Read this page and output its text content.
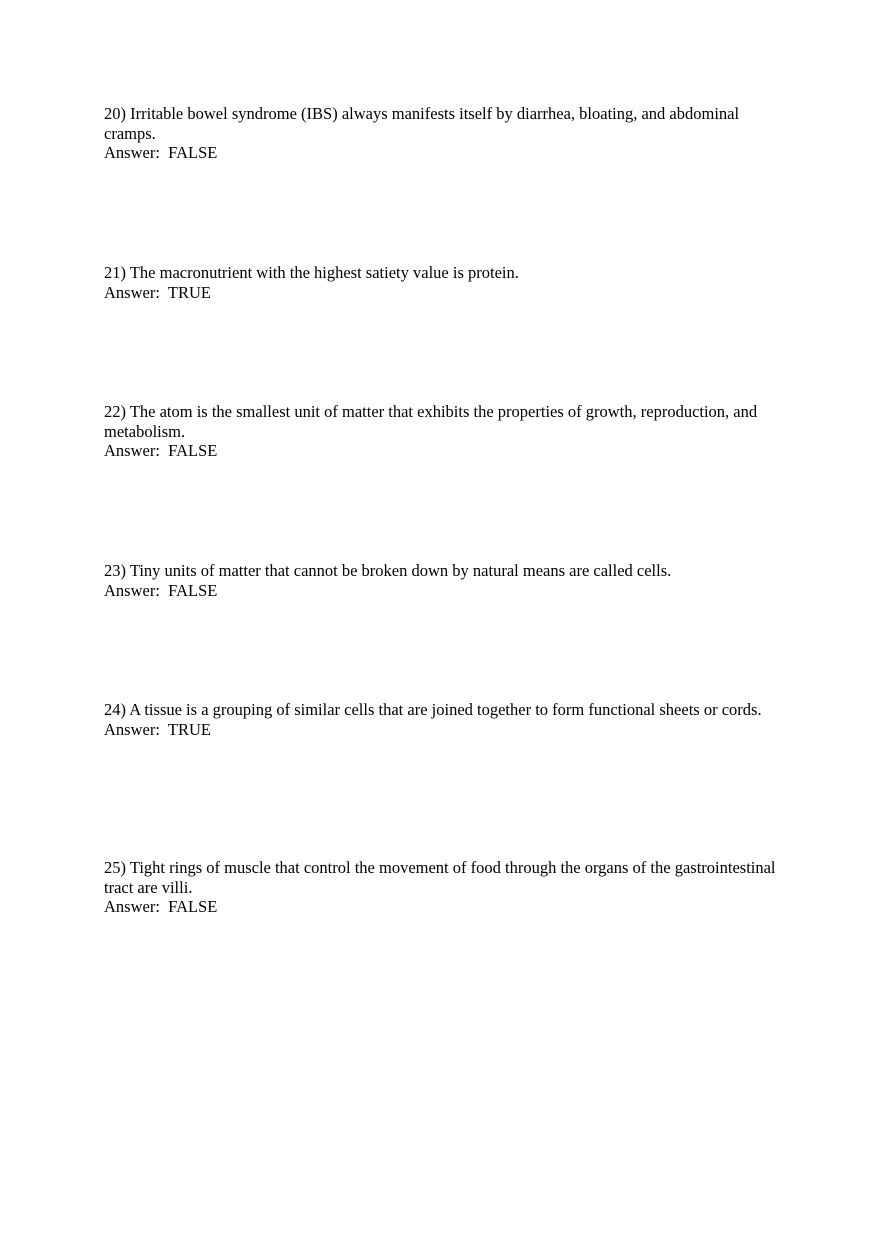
20) Irritable bowel syndrome (IBS) always manifests itself by diarrhea, bloating, and abdominal cramps.

Answer: FALSE

21) The macronutrient with the highest satiety value is protein.

Answer: TRUE

22) The atom is the smallest unit of matter that exhibits the properties of growth, reproduction, and metabolism.

Answer: FALSE

23) Tiny units of matter that cannot be broken down by natural means are called cells.

Answer: FALSE

24) A tissue is a grouping of similar cells that are joined together to form functional sheets or cords.

Answer: TRUE

25) Tight rings of muscle that control the movement of food through the organs of the gastrointestinal tract are villi.

Answer: FALSE
